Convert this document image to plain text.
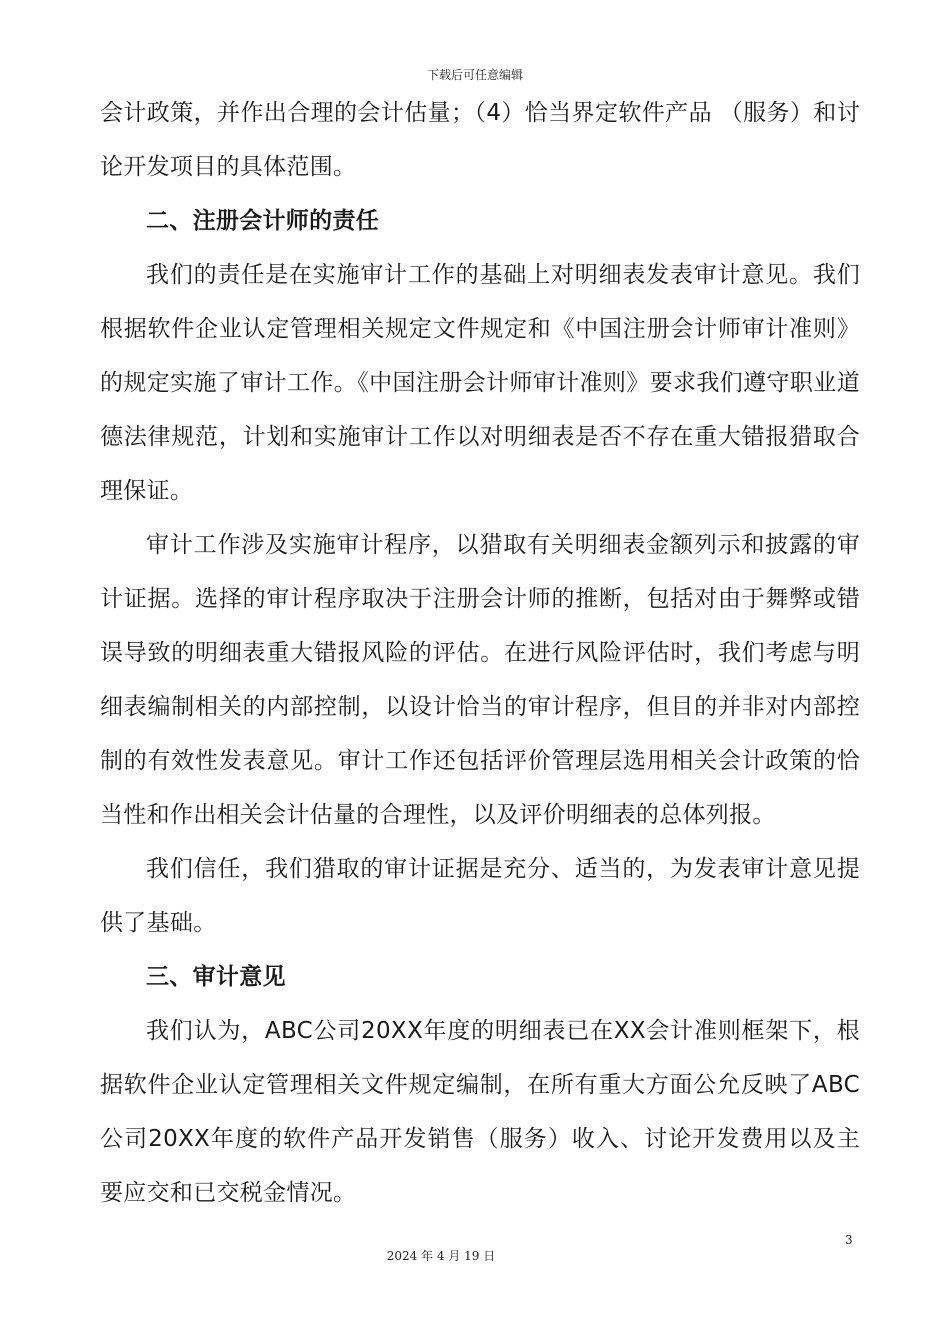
下载后可任意编辑

会计政策，并作出合理的会计估量；（4）恰当界定软件产品 （服务）和讨论开发项目的具体范围。

二、注册会计师的责任

我们的责任是在实施审计工作的基础上对明细表发表审计意见。我们根据软件企业认定管理相关规定文件规定和《中国注册会计师审计准则》的规定实施了审计工作。《中国注册会计师审计准则》要求我们遵守职业道德法律规范，计划和实施审计工作以对明细表是否不存在重大错报猎取合理保证。

审计工作涉及实施审计程序，以猎取有关明细表金额列示和披露的审计证据。选择的审计程序取决于注册会计师的推断，包括对由于舞弊或错误导致的明细表重大错报风险的评估。在进行风险评估时，我们考虑与明细表编制相关的内部控制，以设计恰当的审计程序，但目的并非对内部控制的有效性发表意见。审计工作还包括评价管理层选用相关会计政策的恰当性和作出相关会计估量的合理性，以及评价明细表的总体列报。

我们信任，我们猎取的审计证据是充分、适当的，为发表审计意见提供了基础。

三、审计意见

我们认为，ABC公司20XX年度的明细表已在XX会计准则框架下，根据软件企业认定管理相关文件规定编制，在所有重大方面公允反映了ABC公司20XX年度的软件产品开发销售（服务）收入、讨论开发费用以及主要应交和已交税金情况。

3
2024 年 4 月 19 日
